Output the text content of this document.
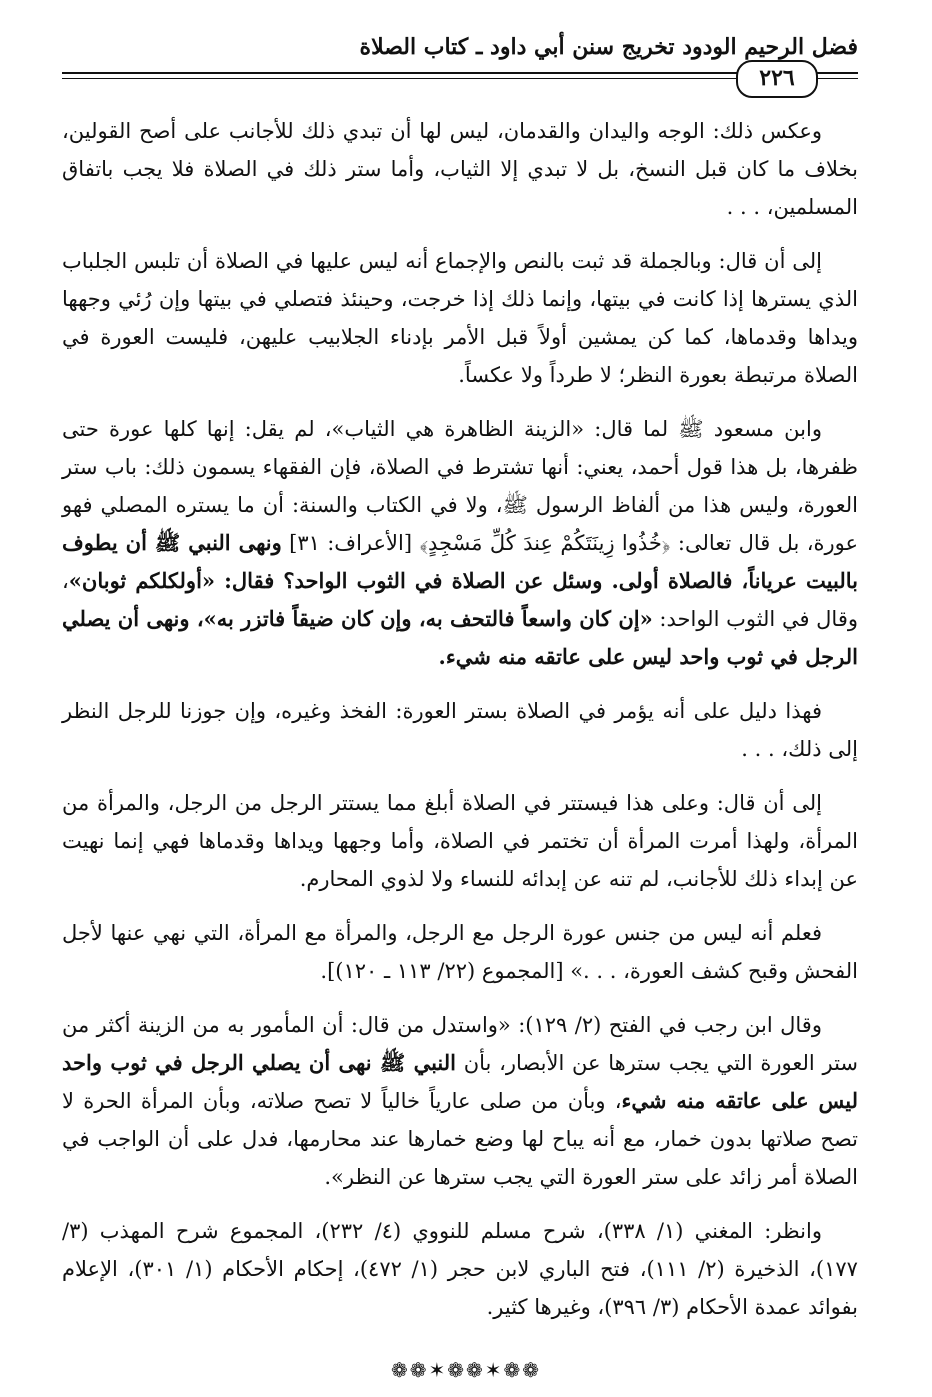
فضل الرحيم الودود تخريج سنن أبي داود ـ كتاب الصلاة
٢٢٦

وعكس ذلك: الوجه واليدان والقدمان، ليس لها أن تبدي ذلك للأجانب على أصح القولين، بخلاف ما كان قبل النسخ، بل لا تبدي إلا الثياب، وأما ستر ذلك في الصلاة فلا يجب باتفاق المسلمين، . . .

إلى أن قال: وبالجملة قد ثبت بالنص والإجماع أنه ليس عليها في الصلاة أن تلبس الجلباب الذي يسترها إذا كانت في بيتها، وإنما ذلك إذا خرجت، وحينئذ فتصلي في بيتها وإن رُئي وجهها ويداها وقدماها، كما كن يمشين أولاً قبل الأمر بإدناء الجلابيب عليهن، فليست العورة في الصلاة مرتبطة بعورة النظر؛ لا طرداً ولا عكساً.

وابن مسعود ﷺ لما قال: «الزينة الظاهرة هي الثياب»، لم يقل: إنها كلها عورة حتى ظفرها، بل هذا قول أحمد، يعني: أنها تشترط في الصلاة، فإن الفقهاء يسمون ذلك: باب ستر العورة، وليس هذا من ألفاظ الرسول ﷺ، ولا في الكتاب والسنة: أن ما يستره المصلي فهو عورة، بل قال تعالى: ﴿خُذُوا زِينَتَكُمْ عِندَ كُلِّ مَسْجِدٍ﴾ [الأعراف: ٣١] ونهى النبي ﷺ أن يطوف بالبيت عرياناً، فالصلاة أولى. وسئل عن الصلاة في الثوب الواحد؟ فقال: «أولكلكم ثوبان»، وقال في الثوب الواحد: «إن كان واسعاً فالتحف به، وإن كان ضيقاً فاتزر به»، ونهى أن يصلي الرجل في ثوب واحد ليس على عاتقه منه شيء.

فهذا دليل على أنه يؤمر في الصلاة بستر العورة: الفخذ وغيره، وإن جوزنا للرجل النظر إلى ذلك، . . .

إلى أن قال: وعلى هذا فيستتر في الصلاة أبلغ مما يستتر الرجل من الرجل، والمرأة من المرأة، ولهذا أمرت المرأة أن تختمر في الصلاة، وأما وجهها ويداها وقدماها فهي إنما نهيت عن إبداء ذلك للأجانب، لم تنه عن إبدائه للنساء ولا لذوي المحارم.

فعلم أنه ليس من جنس عورة الرجل مع الرجل، والمرأة مع المرأة، التي نهي عنها لأجل الفحش وقبح كشف العورة، . . .» [المجموع (٢٢/ ١١٣ ـ ١٢٠)].

وقال ابن رجب في الفتح (٢/ ١٢٩): «واستدل من قال: أن المأمور به من الزينة أكثر من ستر العورة التي يجب سترها عن الأبصار، بأن النبي ﷺ نهى أن يصلي الرجل في ثوب واحد ليس على عاتقه منه شيء، وبأن من صلى عارياً خالياً لا تصح صلاته، وبأن المرأة الحرة لا تصح صلاتها بدون خمار، مع أنه يباح لها وضع خمارها عند محارمها، فدل على أن الواجب في الصلاة أمر زائد على ستر العورة التي يجب سترها عن النظر».

وانظر: المغني (١/ ٣٣٨)، شرح مسلم للنووي (٤/ ٢٣٢)، المجموع شرح المهذب (٣/ ١٧٧)، الذخيرة (٢/ ١١١)، فتح الباري لابن حجر (١/ ٤٧٢)، إحكام الأحكام (١/ ٣٠١)، الإعلام بفوائد عمدة الأحكام (٣/ ٣٩٦)، وغيرها كثير.

❁❁✶❁❁✶❁❁
